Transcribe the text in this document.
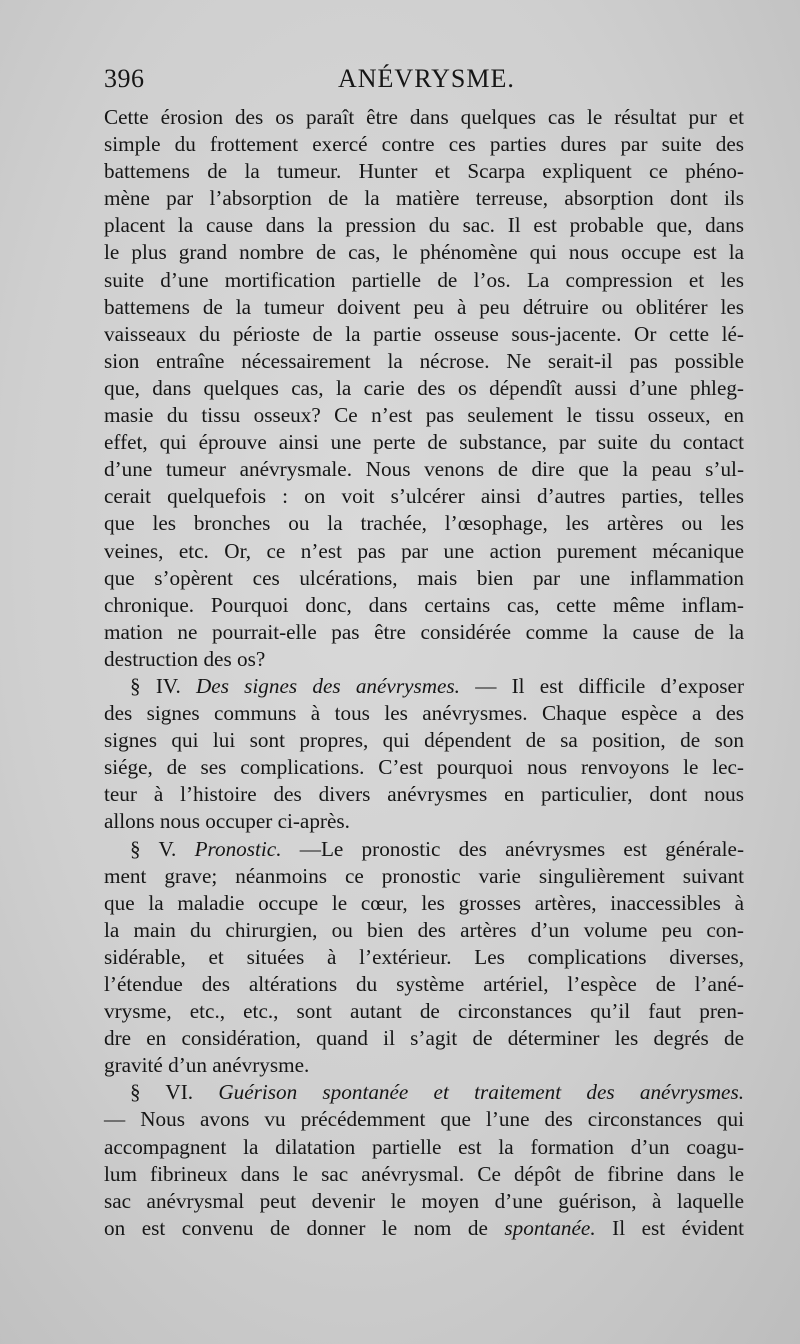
396	ANÉVRYSME.
Cette érosion des os paraît être dans quelques cas le résultat pur et
simple du frottement exercé contre ces parties dures par suite des
battemens de la tumeur. Hunter et Scarpa expliquent ce phéno-
mène par l’absorption de la matière terreuse, absorption dont ils
placent la cause dans la pression du sac. Il est probable que, dans
le plus grand nombre de cas, le phénomène qui nous occupe est la
suite d’une mortification partielle de l’os. La compression et les
battemens de la tumeur doivent peu à peu détruire ou oblitérer les
vaisseaux du périoste de la partie osseuse sous-jacente. Or cette lé-
sion entraîne nécessairement la nécrose. Ne serait-il pas possible
que, dans quelques cas, la carie des os dépendît aussi d’une phleg-
masie du tissu osseux? Ce n’est pas seulement le tissu osseux, en
effet, qui éprouve ainsi une perte de substance, par suite du contact
d’une tumeur anévrysmale. Nous venons de dire que la peau s’ul-
cerait quelquefois : on voit s’ulcérer ainsi d’autres parties, telles
que les bronches ou la trachée, l’œsophage, les artères ou les
veines, etc. Or, ce n’est pas par une action purement mécanique
que s’opèrent ces ulcérations, mais bien par une inflammation
chronique. Pourquoi donc, dans certains cas, cette même inflam-
mation ne pourrait-elle pas être considérée comme la cause de la
destruction des os?
§ IV. Des signes des anévrysmes. — Il est difficile d’exposer
des signes communs à tous les anévrysmes. Chaque espèce a des
signes qui lui sont propres, qui dépendent de sa position, de son
siége, de ses complications. C’est pourquoi nous renvoyons le lec-
teur à l’histoire des divers anévrysmes en particulier, dont nous
allons nous occuper ci-après.
§ V. Pronostic. —Le pronostic des anévrysmes est générale-
ment grave; néanmoins ce pronostic varie singulièrement suivant
que la maladie occupe le cœur, les grosses artères, inaccessibles à
la main du chirurgien, ou bien des artères d’un volume peu con-
sidérable, et situées à l’extérieur. Les complications diverses,
l’étendue des altérations du système artériel, l’espèce de l’ané-
vrysme, etc., etc., sont autant de circonstances qu’il faut pren-
dre en considération, quand il s’agit de déterminer les degrés de
gravité d’un anévrysme.
§ VI. Guérison spontanée et traitement des anévrysmes.
— Nous avons vu précédemment que l’une des circonstances qui
accompagnent la dilatation partielle est la formation d’un coagu-
lum fibrineux dans le sac anévrysmal. Ce dépôt de fibrine dans le
sac anévrysmal peut devenir le moyen d’une guérison, à laquelle
on est convenu de donner le nom de spontanée. Il est évident
